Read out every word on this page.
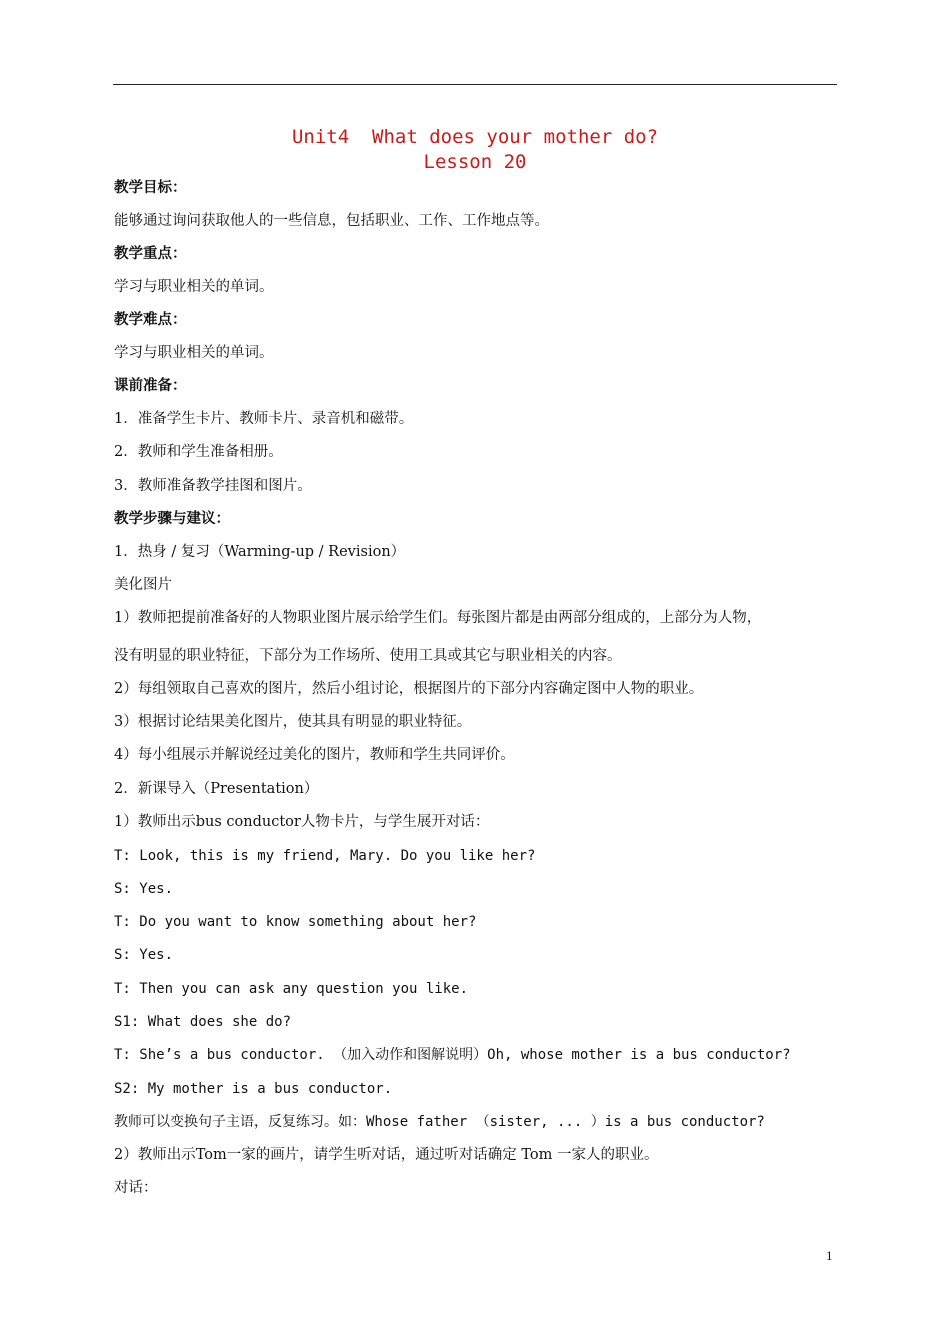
Unit4  What does your mother do?
Lesson 20
教学目标：
能够通过询问获取他人的一些信息，包括职业、工作、工作地点等。
教学重点：
学习与职业相关的单词。
教学难点：
学习与职业相关的单词。
课前准备：
1．准备学生卡片、教师卡片、录音机和磁带。
2．教师和学生准备相册。
3．教师准备教学挂图和图片。
教学步骤与建议：
1．热身 / 复习（Warming-up / Revision）
美化图片
1）教师把提前准备好的人物职业图片展示给学生们。每张图片都是由两部分组成的，上部分为人物，
没有明显的职业特征，下部分为工作场所、使用工具或其它与职业相关的内容。
2）每组领取自己喜欢的图片，然后小组讨论，根据图片的下部分内容确定图中人物的职业。
3）根据讨论结果美化图片，使其具有明显的职业特征。
4）每小组展示并解说经过美化的图片，教师和学生共同评价。
2．新课导入（Presentation）
1）教师出示bus conductor人物卡片，与学生展开对话：
T: Look, this is my friend, Mary. Do you like her?
S: Yes.
T: Do you want to know something about her?
S: Yes.
T: Then you can ask any question you like.
S1: What does she do?
T: She’s a bus conductor. （加入动作和图解说明）Oh, whose mother is a bus conductor?
S2: My mother is a bus conductor.
教师可以变换句子主语，反复练习。如：Whose father （sister, ... ）is a bus conductor?
2）教师出示Tom一家的画片，请学生听对话，通过听对话确定 Tom 一家人的职业。
对话：
1
